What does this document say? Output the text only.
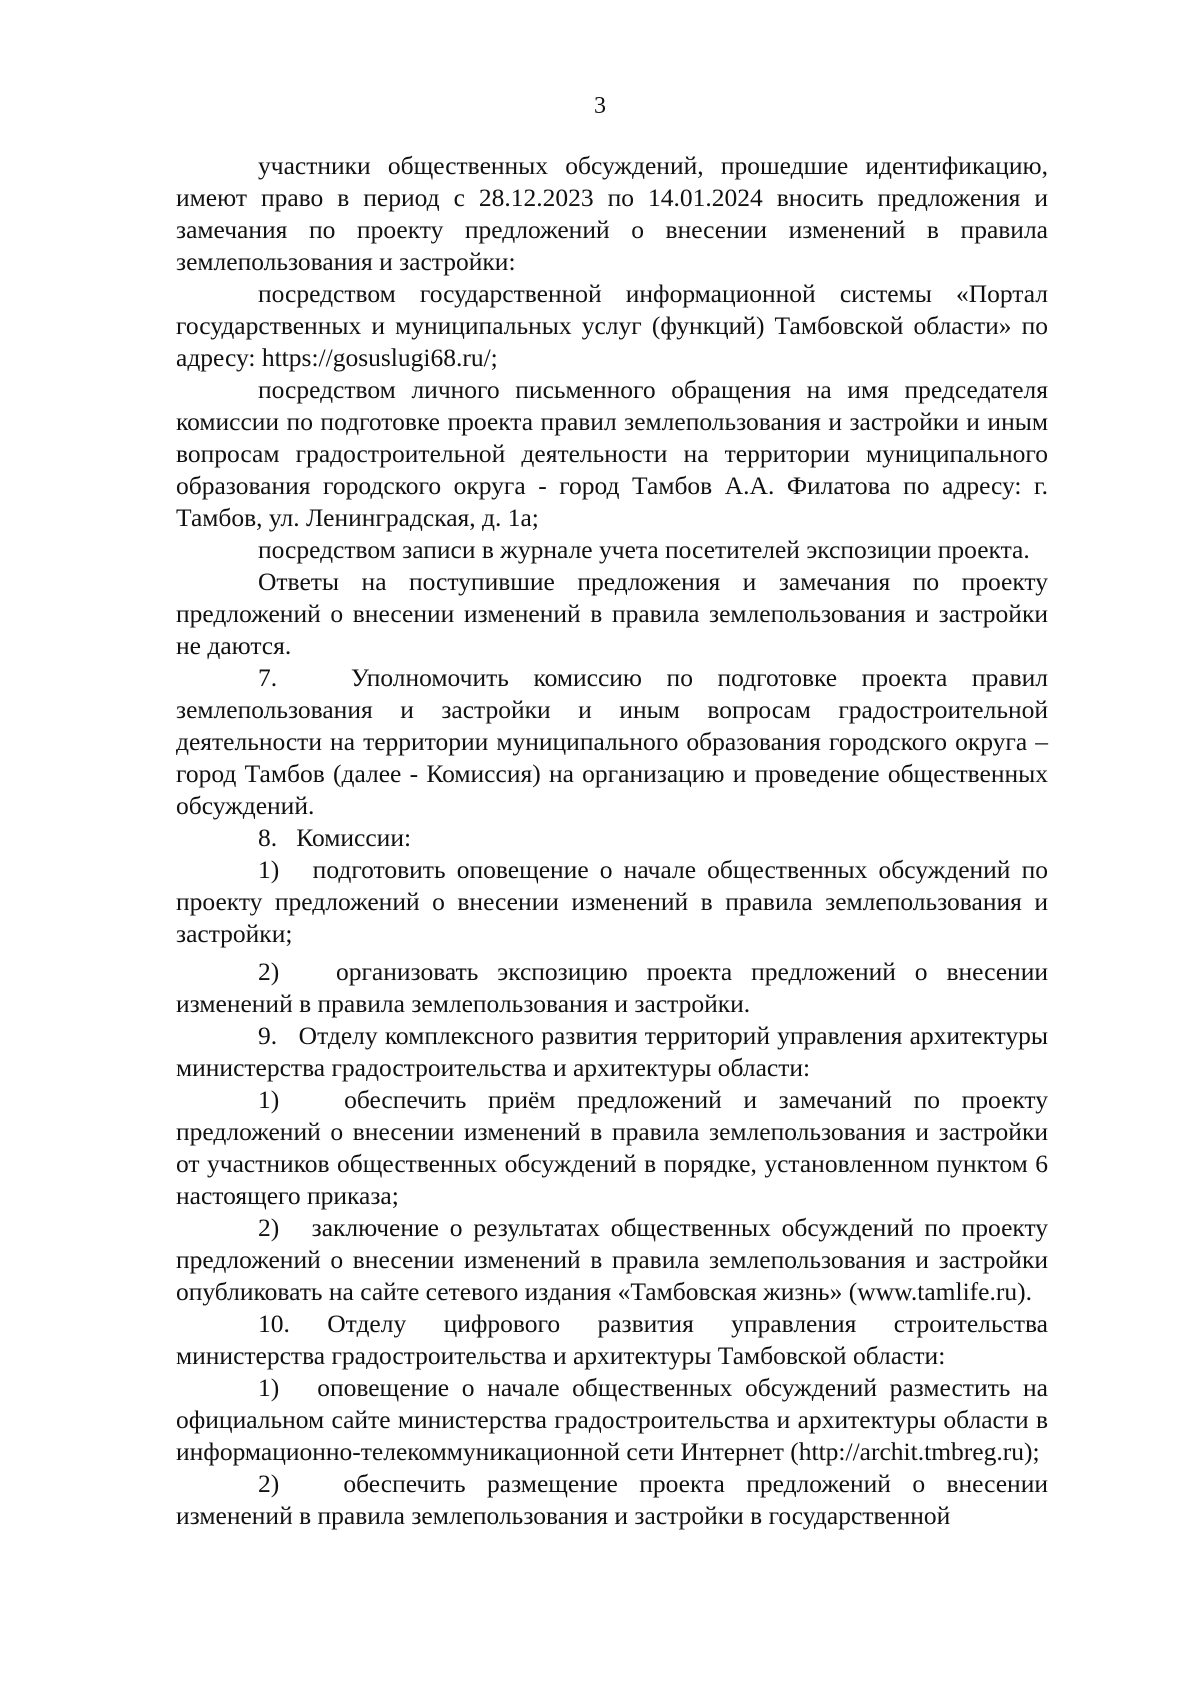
3

участники общественных обсуждений, прошедшие идентификацию, имеют право в период с 28.12.2023 по 14.01.2024 вносить предложения и замечания по проекту предложений о внесении изменений в правила землепользования и застройки:

посредством государственной информационной системы «Портал государственных и муниципальных услуг (функций) Тамбовской области» по адресу: https://gosuslugi68.ru/;

посредством личного письменного обращения на имя председателя комиссии по подготовке проекта правил землепользования и застройки и иным вопросам градостроительной деятельности на территории муниципального образования городского округа - город Тамбов А.А. Филатова по адресу: г. Тамбов, ул. Ленинградская, д. 1а;

посредством записи в журнале учета посетителей экспозиции проекта.

Ответы на поступившие предложения и замечания по проекту предложений о внесении изменений в правила землепользования и застройки не даются.

7.   Уполномочить комиссию по подготовке проекта правил землепользования и застройки и иным вопросам градостроительной деятельности на территории муниципального образования городского округа – город Тамбов (далее - Комиссия) на организацию и проведение общественных обсуждений.

8.   Комиссии:

1)   подготовить оповещение о начале общественных обсуждений по проекту предложений о внесении изменений в правила землепользования и застройки;

2)   организовать экспозицию проекта предложений о внесении изменений в правила землепользования и застройки.

9.   Отделу комплексного развития территорий управления архитектуры министерства градостроительства и архитектуры области:

1)   обеспечить приём предложений и замечаний по проекту предложений о внесении изменений в правила землепользования и застройки от участников общественных обсуждений в порядке, установленном пунктом 6 настоящего приказа;

2)   заключение о результатах общественных обсуждений по проекту предложений о внесении изменений в правила землепользования и застройки опубликовать на сайте сетевого издания «Тамбовская жизнь» (www.tamlife.ru).

10. Отделу цифрового развития управления строительства министерства градостроительства и архитектуры Тамбовской области:

1)   оповещение о начале общественных обсуждений разместить на официальном сайте министерства градостроительства и архитектуры области в информационно-телекоммуникационной сети Интернет (http://archit.tmbreg.ru);

2)   обеспечить размещение проекта предложений о внесении изменений в правила землепользования и застройки в государственной
